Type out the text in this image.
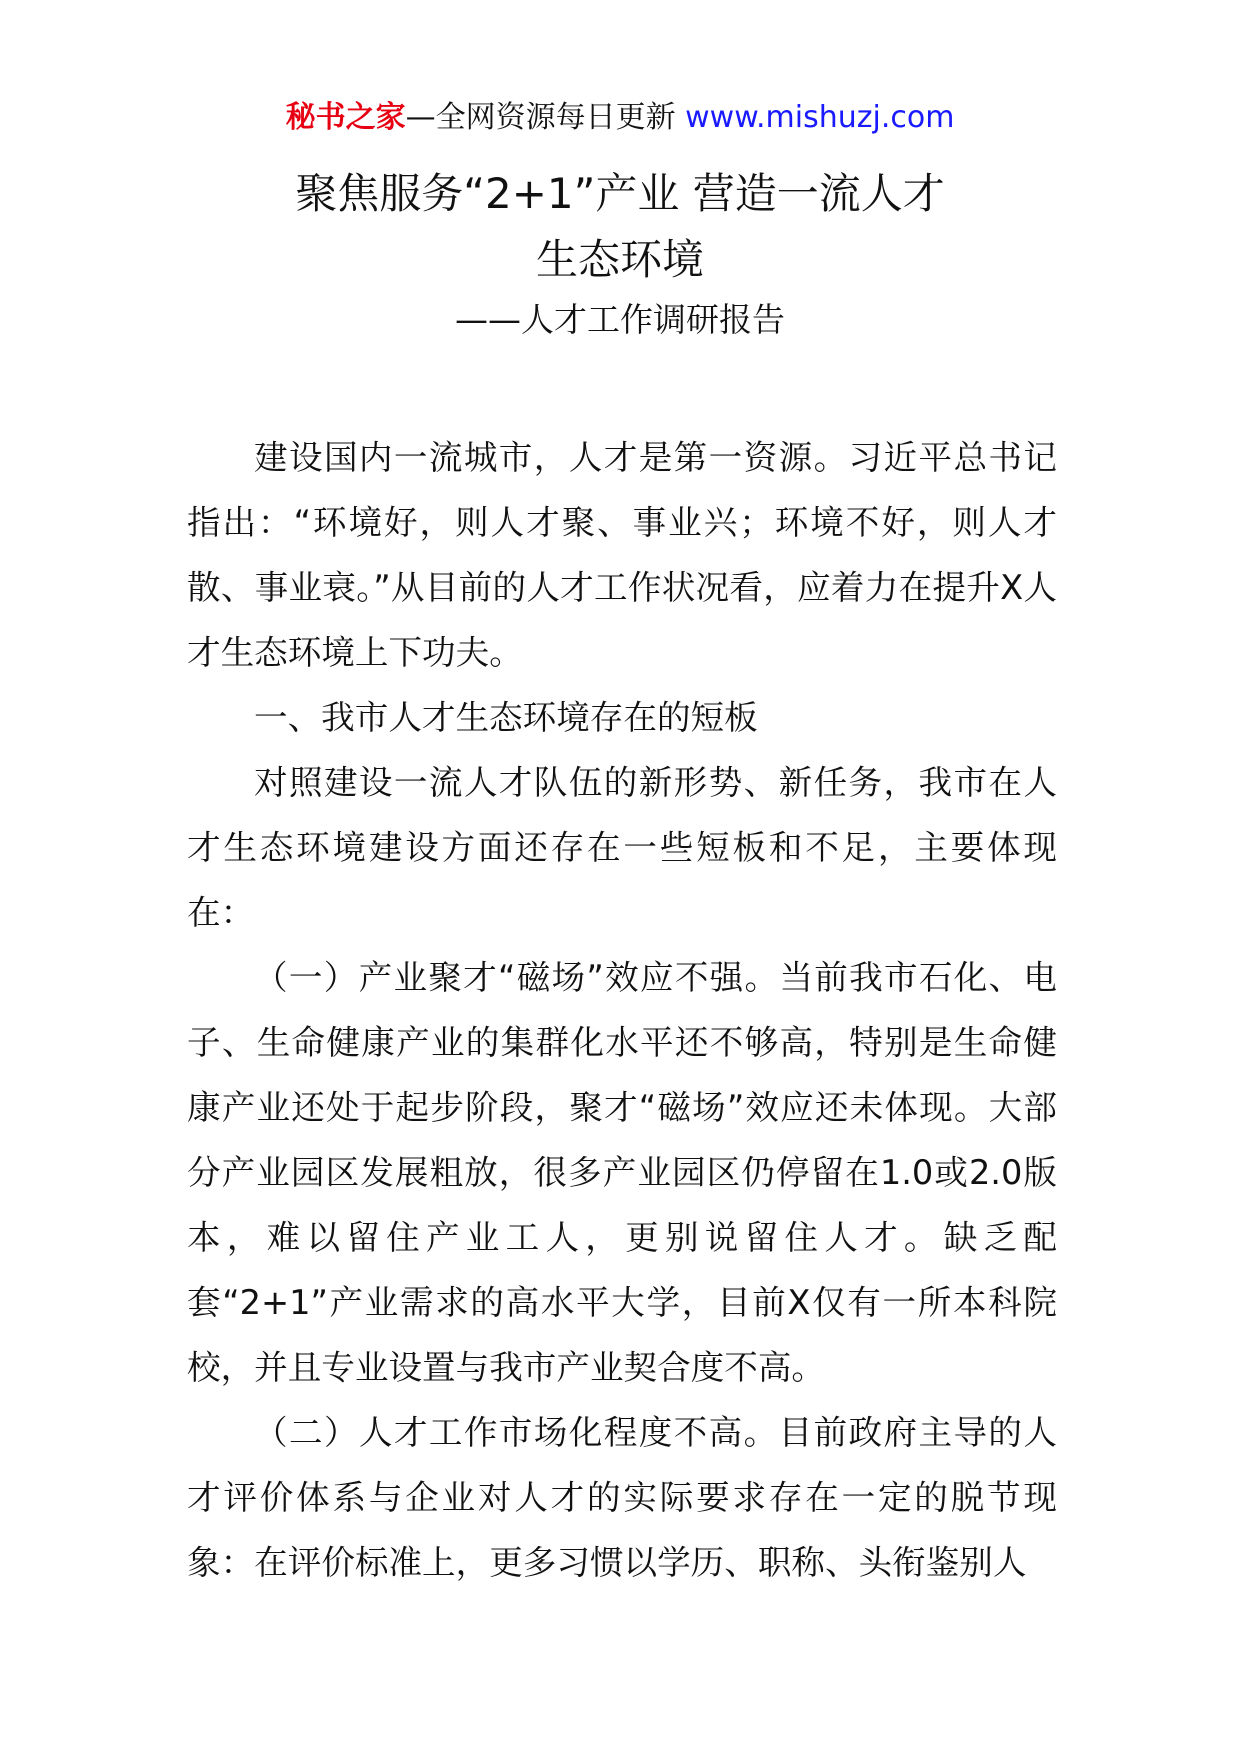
秘书之家—全网资源每日更新 www.mishuzj.com
聚焦服务“2+1”产业 营造一流人才
生态环境
——人才工作调研报告

建设国内一流城市，人才是第一资源。习近平总书记指出：“环境好，则人才聚、事业兴；环境不好，则人才散、事业衰。”从目前的人才工作状况看，应着力在提升X人才生态环境上下功夫。

一、我市人才生态环境存在的短板

对照建设一流人才队伍的新形势、新任务，我市在人才生态环境建设方面还存在一些短板和不足，主要体现在：

（一）产业聚才“磁场”效应不强。当前我市石化、电子、生命健康产业的集群化水平还不够高，特别是生命健康产业还处于起步阶段，聚才“磁场”效应还未体现。大部分产业园区发展粗放，很多产业园区仍停留在1.0或2.0版本，难以留住产业工人，更别说留住人才。缺乏配套“2+1”产业需求的高水平大学，目前X仅有一所本科院校，并且专业设置与我市产业契合度不高。

（二）人才工作市场化程度不高。目前政府主导的人才评价体系与企业对人才的实际要求存在一定的脱节现象：在评价标准上，更多习惯以学历、职称、头衔鉴别人
